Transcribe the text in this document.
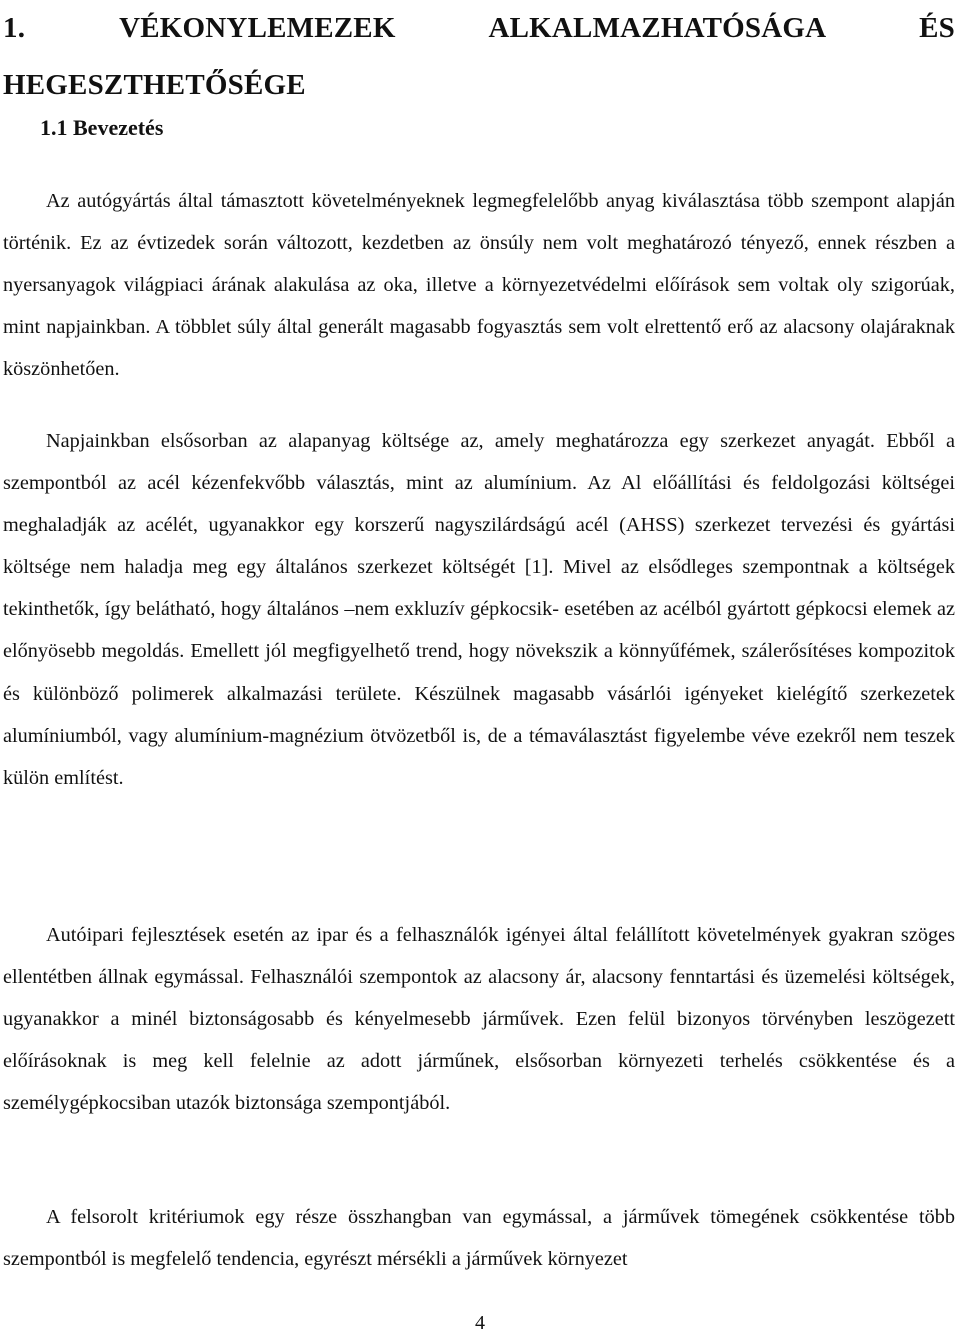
1. VÉKONYLEMEZEK ALKALMAZHATÓSÁGA ÉS
HEGESZTHETŐSÉGE
1.1 Bevezetés

Az autógyártás által támasztott követelményeknek legmegfelelőbb anyag kiválasztása több szempont alapján történik. Ez az évtizedek során változott, kezdetben az önsúly nem volt meghatározó tényező, ennek részben a nyersanyagok világpiaci árának alakulása az oka, illetve a környezetvédelmi előírások sem voltak oly szigorúak, mint napjainkban. A többlet súly által generált magasabb fogyasztás sem volt elrettentő erő az alacsony olajáraknak köszönhetően.

Napjainkban elsősorban az alapanyag költsége az, amely meghatározza egy szerkezet anyagát. Ebből a szempontból az acél kézenfekvőbb választás, mint az alumínium. Az Al előállítási és feldolgozási költségei meghaladják az acélét, ugyanakkor egy korszerű nagyszilárdságú acél (AHSS) szerkezet tervezési és gyártási költsége nem haladja meg egy általános szerkezet költségét [1]. Mivel az elsődleges szempontnak a költségek tekinthetők, így belátható, hogy általános –nem exkluzív gépkocsik- esetében az acélból gyártott gépkocsi elemek az előnyösebb megoldás. Emellett jól megfigyelhető trend, hogy növekszik a könnyűfémek, szálerősítéses kompozitok és különböző polimerek alkalmazási területe. Készülnek magasabb vásárlói igényeket kielégítő szerkezetek alumíniumból, vagy alumínium-magnézium ötvözetből is, de a témaválasztást figyelembe véve ezekről nem teszek külön említést.

Autóipari fejlesztések esetén az ipar és a felhasználók igényei által felállított követelmények gyakran szöges ellentétben állnak egymással. Felhasználói szempontok az alacsony ár, alacsony fenntartási és üzemelési költségek, ugyanakkor a minél biztonságosabb és kényelmesebb járművek. Ezen felül bizonyos törvényben leszögezett előírásoknak is meg kell felelnie az adott járműnek, elsősorban környezeti terhelés csökkentése és a személygépkocsiban utazók biztonsága szempontjából.

A felsorolt kritériumok egy része összhangban van egymással, a járművek tömegének csökkentése több szempontból is megfelelő tendencia, egyrészt mérsékli a járművek környezet

4
